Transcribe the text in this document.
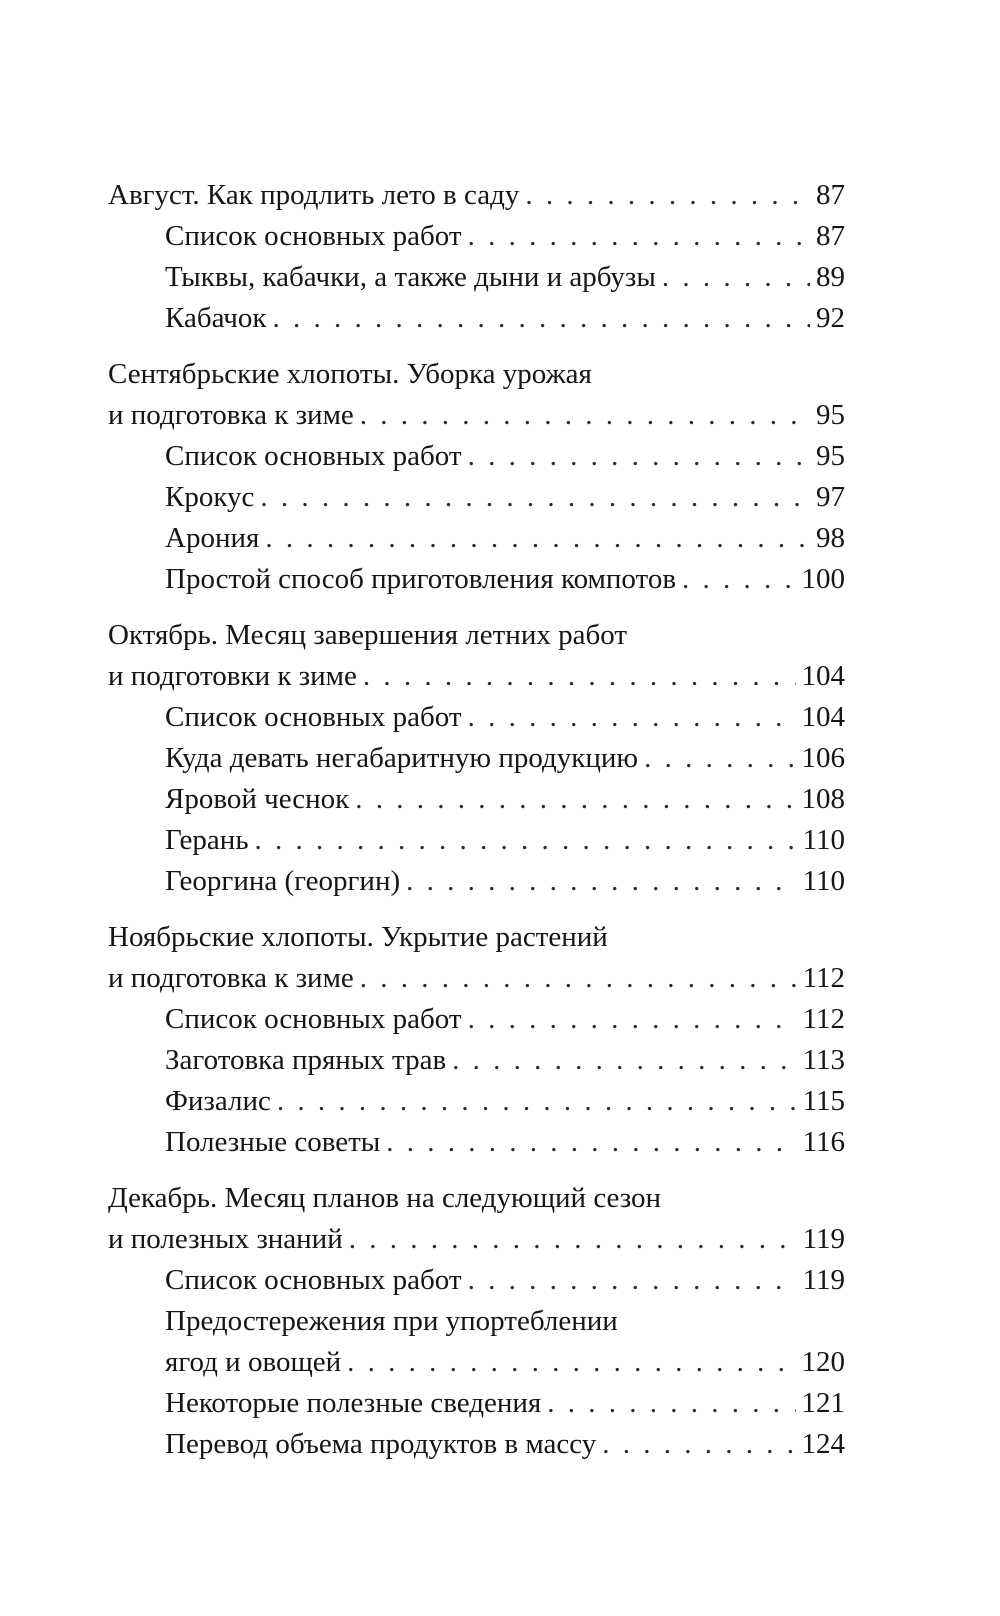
Август. Как продлить лето в саду . . .	87
Список основных работ . . .	87
Тыквы, кабачки, а также дыни и арбузы . . .	89
Кабачок . . .	92
Сентябрьские хлопоты. Уборка урожая
и подготовка к зиме . . .	95
Список основных работ . . .	95
Крокус . . .	97
Арония . . .	98
Простой способ приготовления компотов . . .	100
Октябрь. Месяц завершения летних работ
и подготовки к зиме . . .	104
Список основных работ . . .	104
Куда девать негабаритную продукцию . . .	106
Яровой чеснок . . .	108
Герань . . .	110
Георгина (георгин) . . .	110
Ноябрьские хлопоты. Укрытие растений
и подготовка к зиме . . .	112
Список основных работ . . .	112
Заготовка пряных трав . . .	113
Физалис . . .	115
Полезные советы . . .	116
Декабрь. Месяц планов на следующий сезон
и полезных знаний . . .	119
Список основных работ . . .	119
Предостережения при упортеблении
ягод и овощей . . .	120
Некоторые полезные сведения . . .	121
Перевод объема продуктов в массу . . .	124
